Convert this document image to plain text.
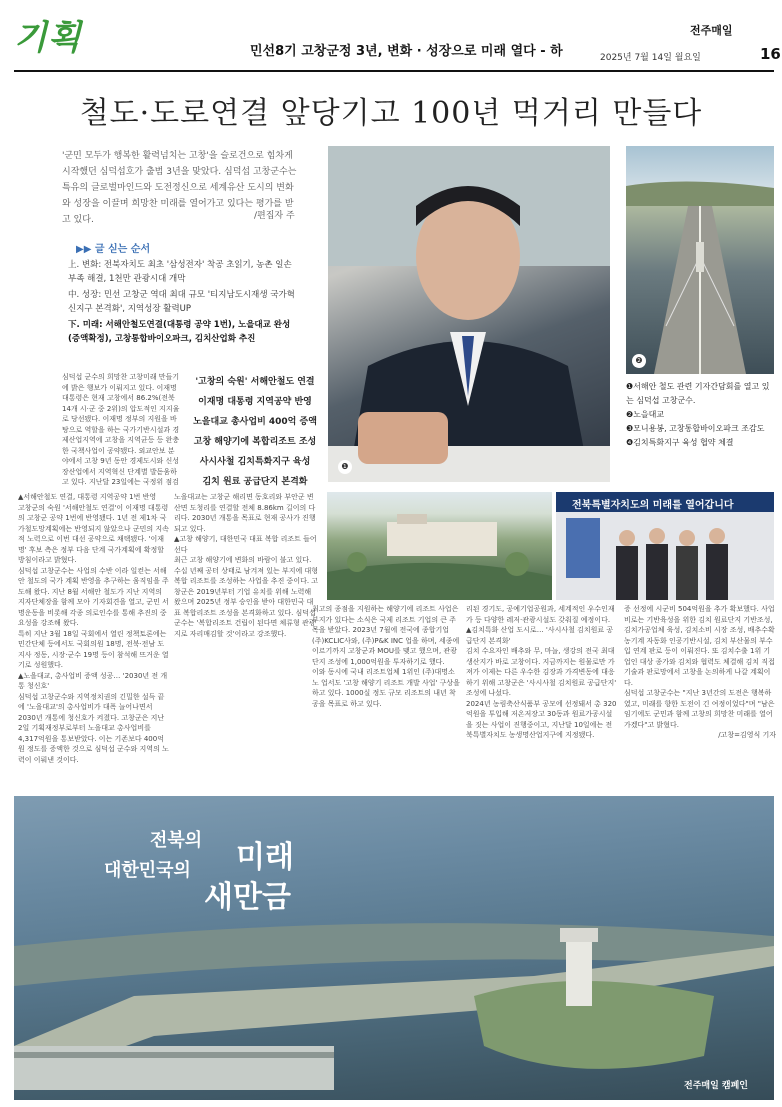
기획	민선8기 고창군정 3년, 변화 · 성장으로 미래 열다 - 하
전주매일
2025년 7월 14일 월요일	16
철도·도로연결 앞당기고 100년 먹거리 만들다
'군민 모두가 행복한 활력넘치는 고창'을 슬로건으로 힘차게 시작했던 심덕섭호가 출범 3년을 맞았다. 심덕섭 고창군수는 특유의 글로벌마인드와 도전정신으로 세계유산 도시의 변화와 성장을 이끌며 희망찬 미래를 열어가고 있다는 평가를 받고 있다.	/편집자 주
▶▶ 글 싣는 순서
上. 변화: 전북자치도 최초 '삼성전자' 착공 초읽기, 농촌 일손부족 해결, 1천만 관광시대 개막
中. 성장: 민선 고창군 역대 최대 규모 '티지남도시재생 국가혁신지구 본격화', 지역성장 활력UP
下. 미래: 서해안철도연결(대통령 공약 1번), 노을대교 완성(증액확정), 고창통합바이오파크, 김치산업화 추진
❶
❷
❶서해안 철도 관련 기자간담회를 열고 있는 심덕섭 고창군수.
❷노을대교
❸모니용봉, 고창통합바이오파크 조감도
❹김치특화지구 육성 협약 체결
심덕섭 군수의 희망찬 고창미래 만들기에 밝은 행보가 이뤄지고 있다. 이재명 대통령은 현재 고창에서 86.2%(전북 14개 시·군 중 2위)의 압도적인 지지율로 당선됐다. 이재명 정부의 지원을 바탕으로 역할을 하는 국가기반시설과 경제산업지역에 고창을 지역균등 등 완충한 국책사업이 공약됐다. 외교안보 분야에서 고창 9년 동안 경제도시와 신성장산업에서 지역혁신 단계별 발돋움하고 있다. 지난달 23일에는 국정위 점검
'고창의 숙원' 서해안철도 연결
이재명 대통령 지역공약 반영
노을대교 총사업비 400억 증액
고창 해양기에 복합리조트 조성
사시사철 김치특화지구 육성
김치 원료 공급단지 본격화
▲서해안철도 연결, 대통령 지역공약 1번 반영
고창군의 숙원 '서해안철도 연결'이 이재명 대통령의 고창군 공약 1번에 반영됐다. 1년 전 제1차 국가철도망계획에는 반영되지 않았으나 군민의 지속적 노력으로 이번 대선 공약으로 채택됐다. '이재명' 후보 측은 정부 다음 단계 국가계획에 확정할 방침이라고 밝혔다.
심덕섭 고창군수는 사업의 수반 이라 일컫는 서해안 철도의 국가 계획 반영을 추구하는 움직임을 주도해 왔다. 지난 8월 서해안 철도가 지난 지역의 지자단체장을 함께 모아 기자회견을 열고, 군민 서명운동을 비롯해 각종 의로인수를 통해 추진의 중요성을 강조해 왔다.
특히 지난 3월 18일 국회에서 열린 정책토론에는 민간단체 등에서도 국회의원 18명, 전북·전남 도지사 정동, 시장·군수 19명 등이 참석해 뜨거운 열기로 성원했다.
▲노을대교, 총사업비 증액 성공… '2030년 전 개통 청신호'
심덕섭 고창군수와 지역정치권의 긴밀한 설득 끝에 '노을대교'의 총사업비가 대폭 늘어나면서 2030년 개통에 청신호가 켜졌다. 고창군은 지난 2일 기획재정부로부터 노을대교 총사업비를 4,317억원을 통보받았다. 이는 기존보다 400억원 정도를 증액한 것으로 심덕섭 군수와 지역의 노력이 이뤄낸 것이다.
노을대교는 고창군 해리면 동호리와 부안군 변산면 도청리를 연결할 전체 8.86km 길이의 다리다. 2030년 개통을 목표로 현재 공사가 진행되고 있다.
▲고창 해양기, 대한민국 대표 복합 리조트 들어선다
최근 고창 해양기에 변화의 바람이 불고 있다. 수십 년째 공터 상태로 남겨져 있는 부지에 대형 복합 리조트를 조성하는 사업을 추진 중이다. 고창군은 2019년부터 기업 유치를 위해 노력해 왔으며 2025년 정부 승인을 받아 대한민국 대표 복합리조트 조성을 본격화하고 있다. 심덕섭 군수는 '복합리조트 건립이 된다면 체류형 관광지로 자리매김할 것'이라고 강조했다.
전북특별자치도의 미래를 열어갑니다
최고의 종점을 지원하는 해양기에 리조트 사업은 부지가 있다는 소식은 국제 리조트 기업의 큰 주목을 받았다. 2023년 7월에 전국에 종합기업 (주)KCLIC사와, (주)P&K INC 업을 하며, 세종에 이르기까지 고창군과 MOU를 맺고 했으며, 관광단지 조성에 1,000억원을 투자하기로 했다.
이와 동시에 국내 리조트업체 1위인 (주)대명소노 업서도 '고창 해양기 리조트 개발 사업' 구상을 하고 있다. 1000실 정도 규모 리조트의 내년 착공을 목표로 하고 있다.
리된 경기도, 공예기업공원과, 세계적인 우수인재가 등 다양한 레저·관광시설도 갖춰질 예정이다.
▲김치특화 산업 도시로… '사시사철 김치원료 공급단지 본격화'
김치 수요자인 배추와 무, 마늘, 생강의 전국 최대 생산지가 바로 고창이다. 지금까지는 원물로만 가져가 이제는 다른 우수한 김장과 가격변동에 대응하기 위해 고창군은 '사시사철 김치원료 공급단지' 조성에 나섰다.
2024년 농림축산식품부 공모에 선정돼서 총 320억원을 투입해 저온저장고 30동과 원료가공시설을 짓는 사업이 진행중이고, 지난달 10일에는 전북특별자치도 농생명산업지구에 지정됐다.
증 선정에 시군비 504억원을 추가 확보했다. 사업비로는 기반육성을 위한 김치 원료단지 기반조성, 김치가공업체 육성, 김치소비 시장 조성, 배추수확 농기계 자동화 인공기반시설, 김치 부산물의 부수입 연계 판로 등이 이뤄진다. 또 김치수출 1위 기업인 대상 종가와 김치와 협력도 체결해 김치 직접 기술과 판로망에서 고창을 논의하게 나갈 계획이다.
심덕섭 고창군수는 "지난 3년간의 도전은 행복하였고, 미래를 향한 도전이 긴 여정이었다"며 "남은 임기에도 군민과 함께 고창의 희망찬 미래를 열어가겠다"고 밝혔다.
/고창=김영식 기자
전북의
대한민국의 미래
새만금
전주매일 캠페인
